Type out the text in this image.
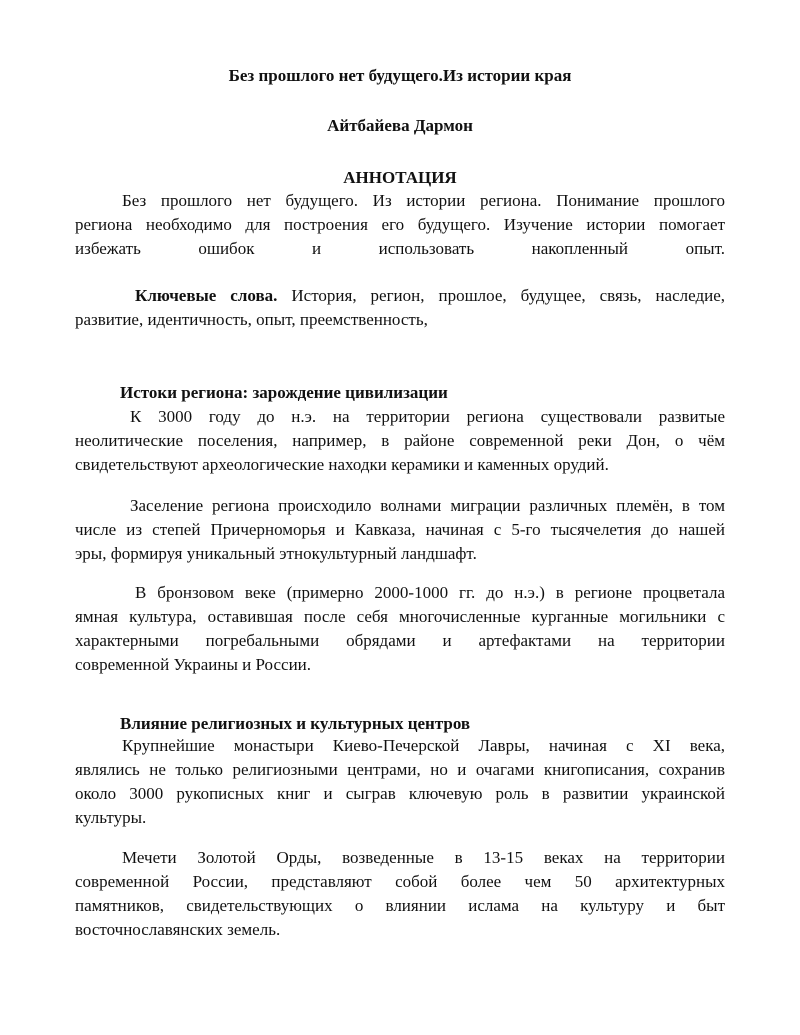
Без прошлого нет будущего.Из истории края
Айтбайева Дармон
АННОТАЦИЯ
Без прошлого нет будущего. Из истории региона. Понимание прошлого
региона необходимо для построения его будущего. Изучение истории помогает
избежать ошибок и использовать накопленный опыт.
Ключевые слова. История, регион, прошлое, будущее, связь, наследие,
развитие, идентичность, опыт, преемственность,
Истоки региона: зарождение цивилизации
К 3000 году до н.э. на территории региона существовали развитые
неолитические поселения, например, в районе современной реки Дон, о чём
свидетельствуют археологические находки керамики и каменных орудий.
Заселение региона происходило волнами миграции различных племён, в том
числе из степей Причерноморья и Кавказа, начиная с 5-го тысячелетия до нашей
эры, формируя уникальный этнокультурный ландшафт.
В бронзовом веке (примерно 2000-1000 гг. до н.э.) в регионе процветала
ямная культура, оставившая после себя многочисленные курганные могильники с
характерными погребальными обрядами и артефактами на территории
современной Украины и России.
Влияние религиозных и культурных центров
Крупнейшие монастыри Киево-Печерской Лавры, начиная с XI века,
являлись не только религиозными центрами, но и очагами книгописания, сохранив
около 3000 рукописных книг и сыграв ключевую роль в развитии украинской
культуры.
Мечети Золотой Орды, возведенные в 13-15 веках на территории
современной России, представляют собой более чем 50 архитектурных
памятников, свидетельствующих о влиянии ислама на культуру и быт
восточнославянских земель.
